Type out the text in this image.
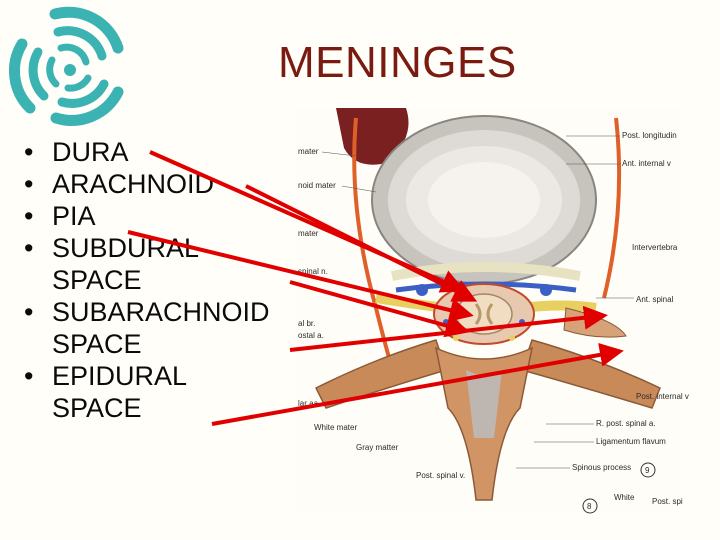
MENINGES
• DURA
• ARACHNOID
• PIA
• SUBDURAL SPACE
• SUBARACHNOID SPACE
• EPIDURAL SPACE
mater
noid mater
mater
spinal n.
al br.
ostal a.
lar aa.
White mater
Gray matter
Post. spinal v.
Post. longitudin
Ant. internal v
Intervertebra
Ant. spinal
Post. internal v
R. post. spinal a.
Ligamentum flavum
Spinous process
White Post. spi
9
8
